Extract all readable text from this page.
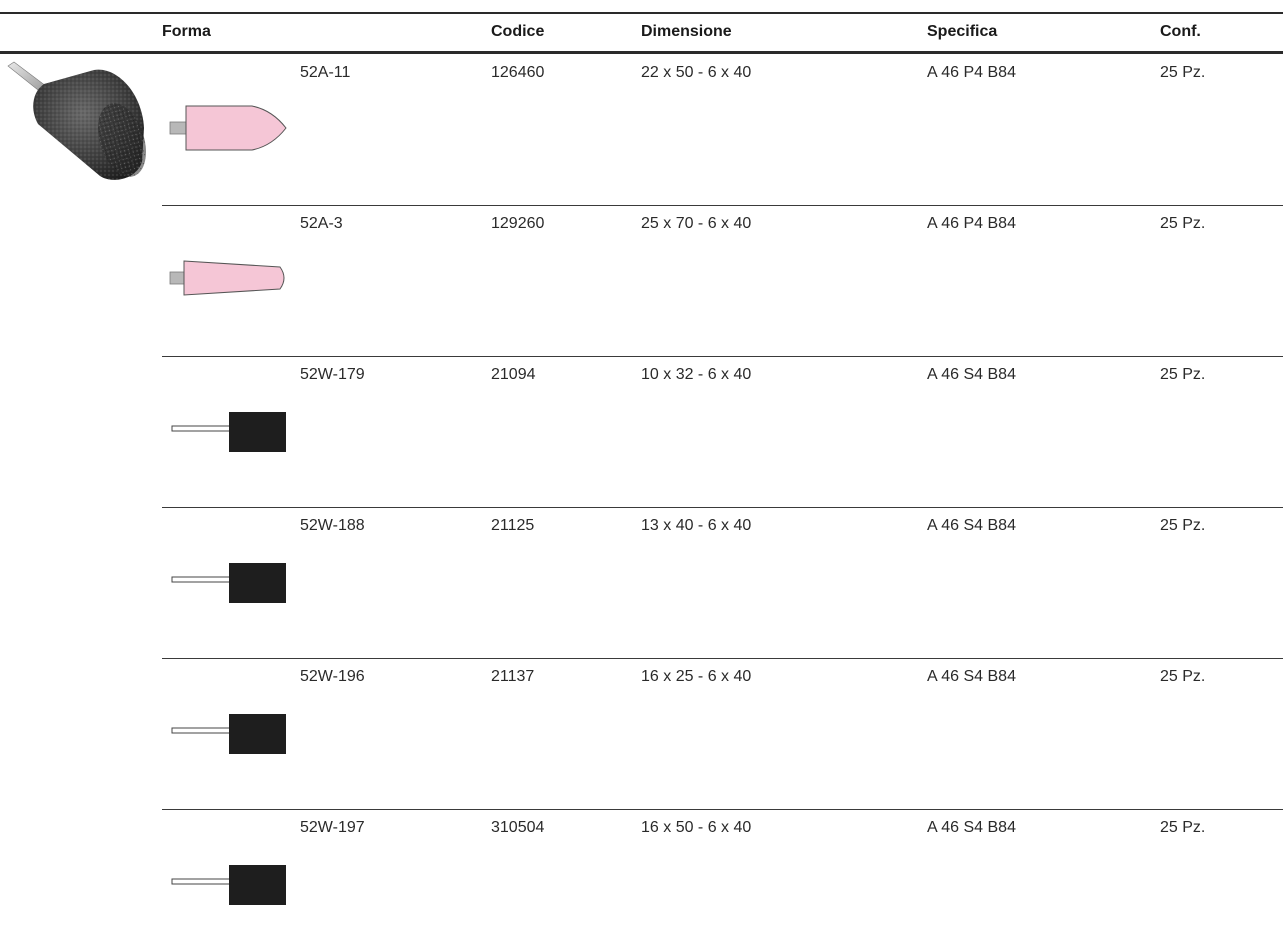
Forma	Codice	Dimensione	Specifica	Conf.
52A-11	126460	22 x 50 - 6 x 40	A 46 P4 B84	25 Pz.
52A-3	129260	25 x 70 - 6 x 40	A 46 P4 B84	25 Pz.
52W-179	21094	10 x 32 - 6 x 40	A 46 S4 B84	25 Pz.
52W-188	21125	13 x 40 - 6 x 40	A 46 S4 B84	25 Pz.
52W-196	21137	16 x 25 - 6 x 40	A 46 S4 B84	25 Pz.
52W-197	310504	16 x 50 - 6 x 40	A 46 S4 B84	25 Pz.
